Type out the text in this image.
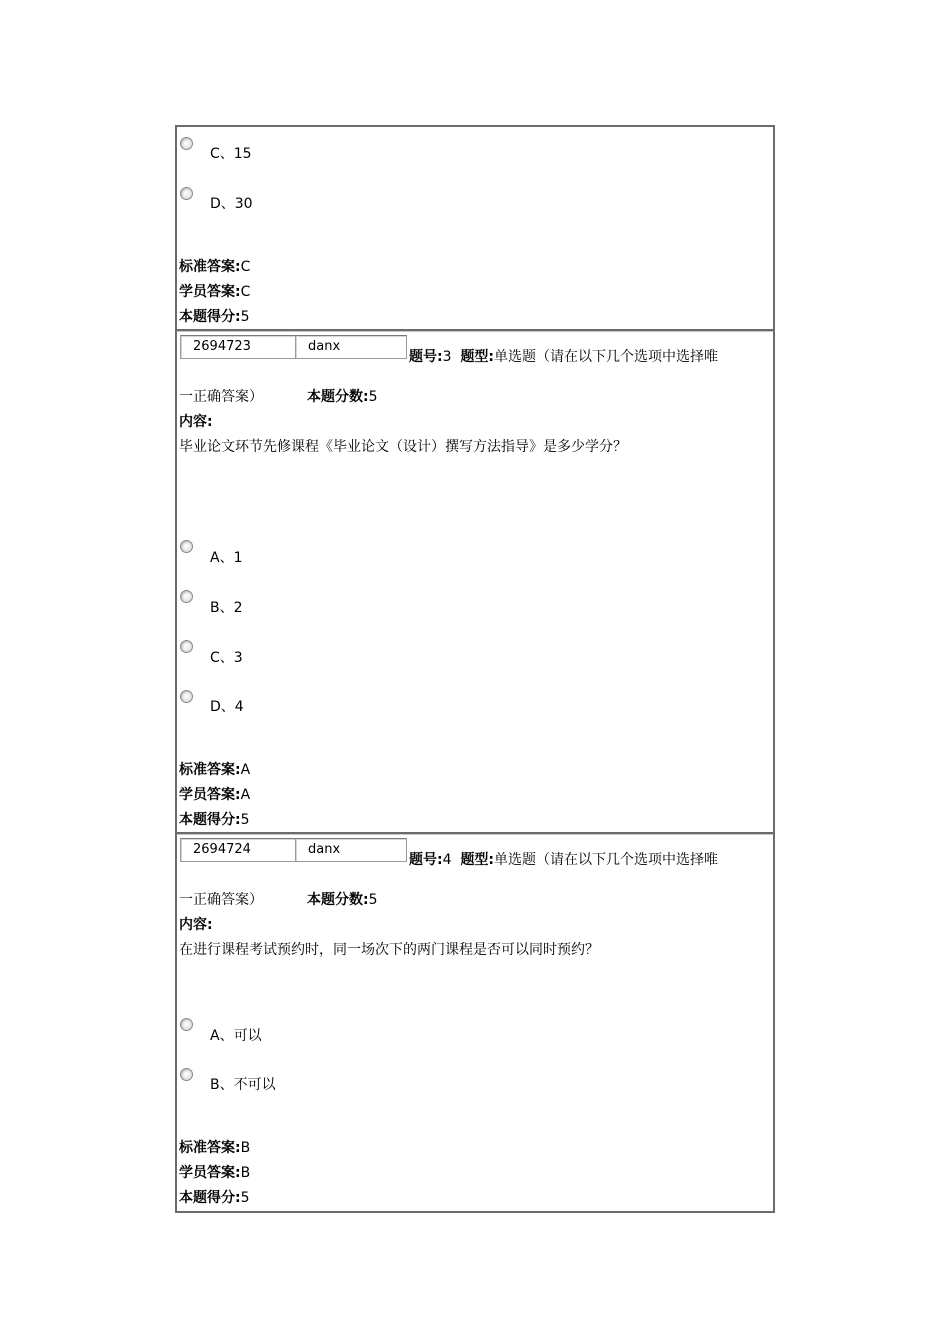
C、15
D、30
标准答案:C
学员答案:C
本题得分:5
2694723	danx
题号:3 题型:单选题（请在以下几个选项中选择唯
一正确答案）	本题分数:5
内容:
毕业论文环节先修课程《毕业论文（设计）撰写方法指导》是多少学分？
A、1
B、2
C、3
D、4
标准答案:A
学员答案:A
本题得分:5
2694724	danx
题号:4 题型:单选题（请在以下几个选项中选择唯
一正确答案）	本题分数:5
内容:
在进行课程考试预约时，同一场次下的两门课程是否可以同时预约？
A、可以
B、不可以
标准答案:B
学员答案:B
本题得分:5
